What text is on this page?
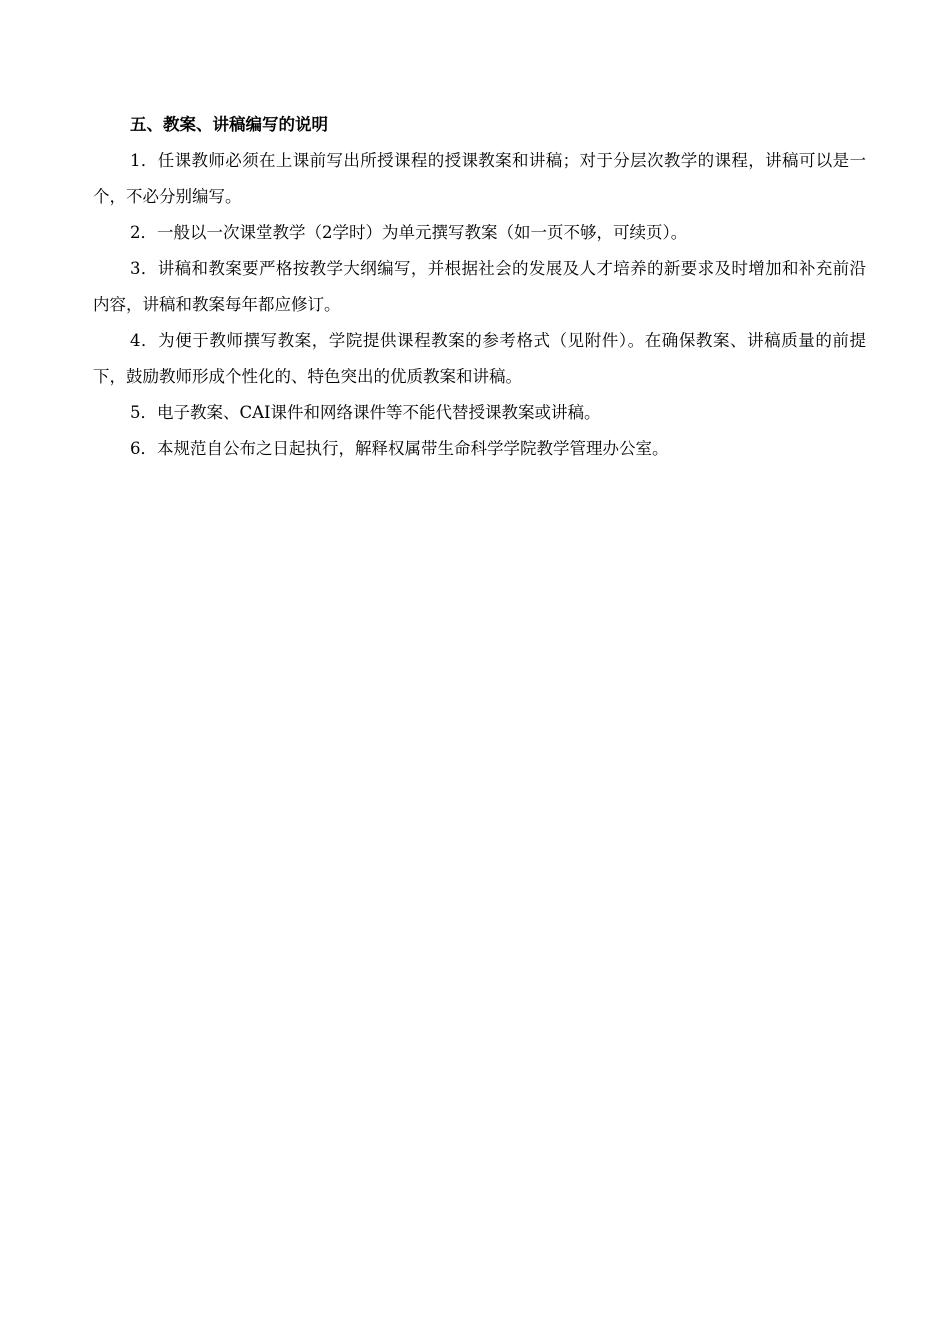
五、教案、讲稿编写的说明

1．任课教师必须在上课前写出所授课程的授课教案和讲稿；对于分层次教学的课程，讲稿可以是一个，不必分别编写。

2．一般以一次课堂教学（2学时）为单元撰写教案（如一页不够，可续页）。

3．讲稿和教案要严格按教学大纲编写，并根据社会的发展及人才培养的新要求及时增加和补充前沿内容，讲稿和教案每年都应修订。

4．为便于教师撰写教案，学院提供课程教案的参考格式（见附件）。在确保教案、讲稿质量的前提下，鼓励教师形成个性化的、特色突出的优质教案和讲稿。

5．电子教案、CAI课件和网络课件等不能代替授课教案或讲稿。

6．本规范自公布之日起执行，解释权属带生命科学学院教学管理办公室。
